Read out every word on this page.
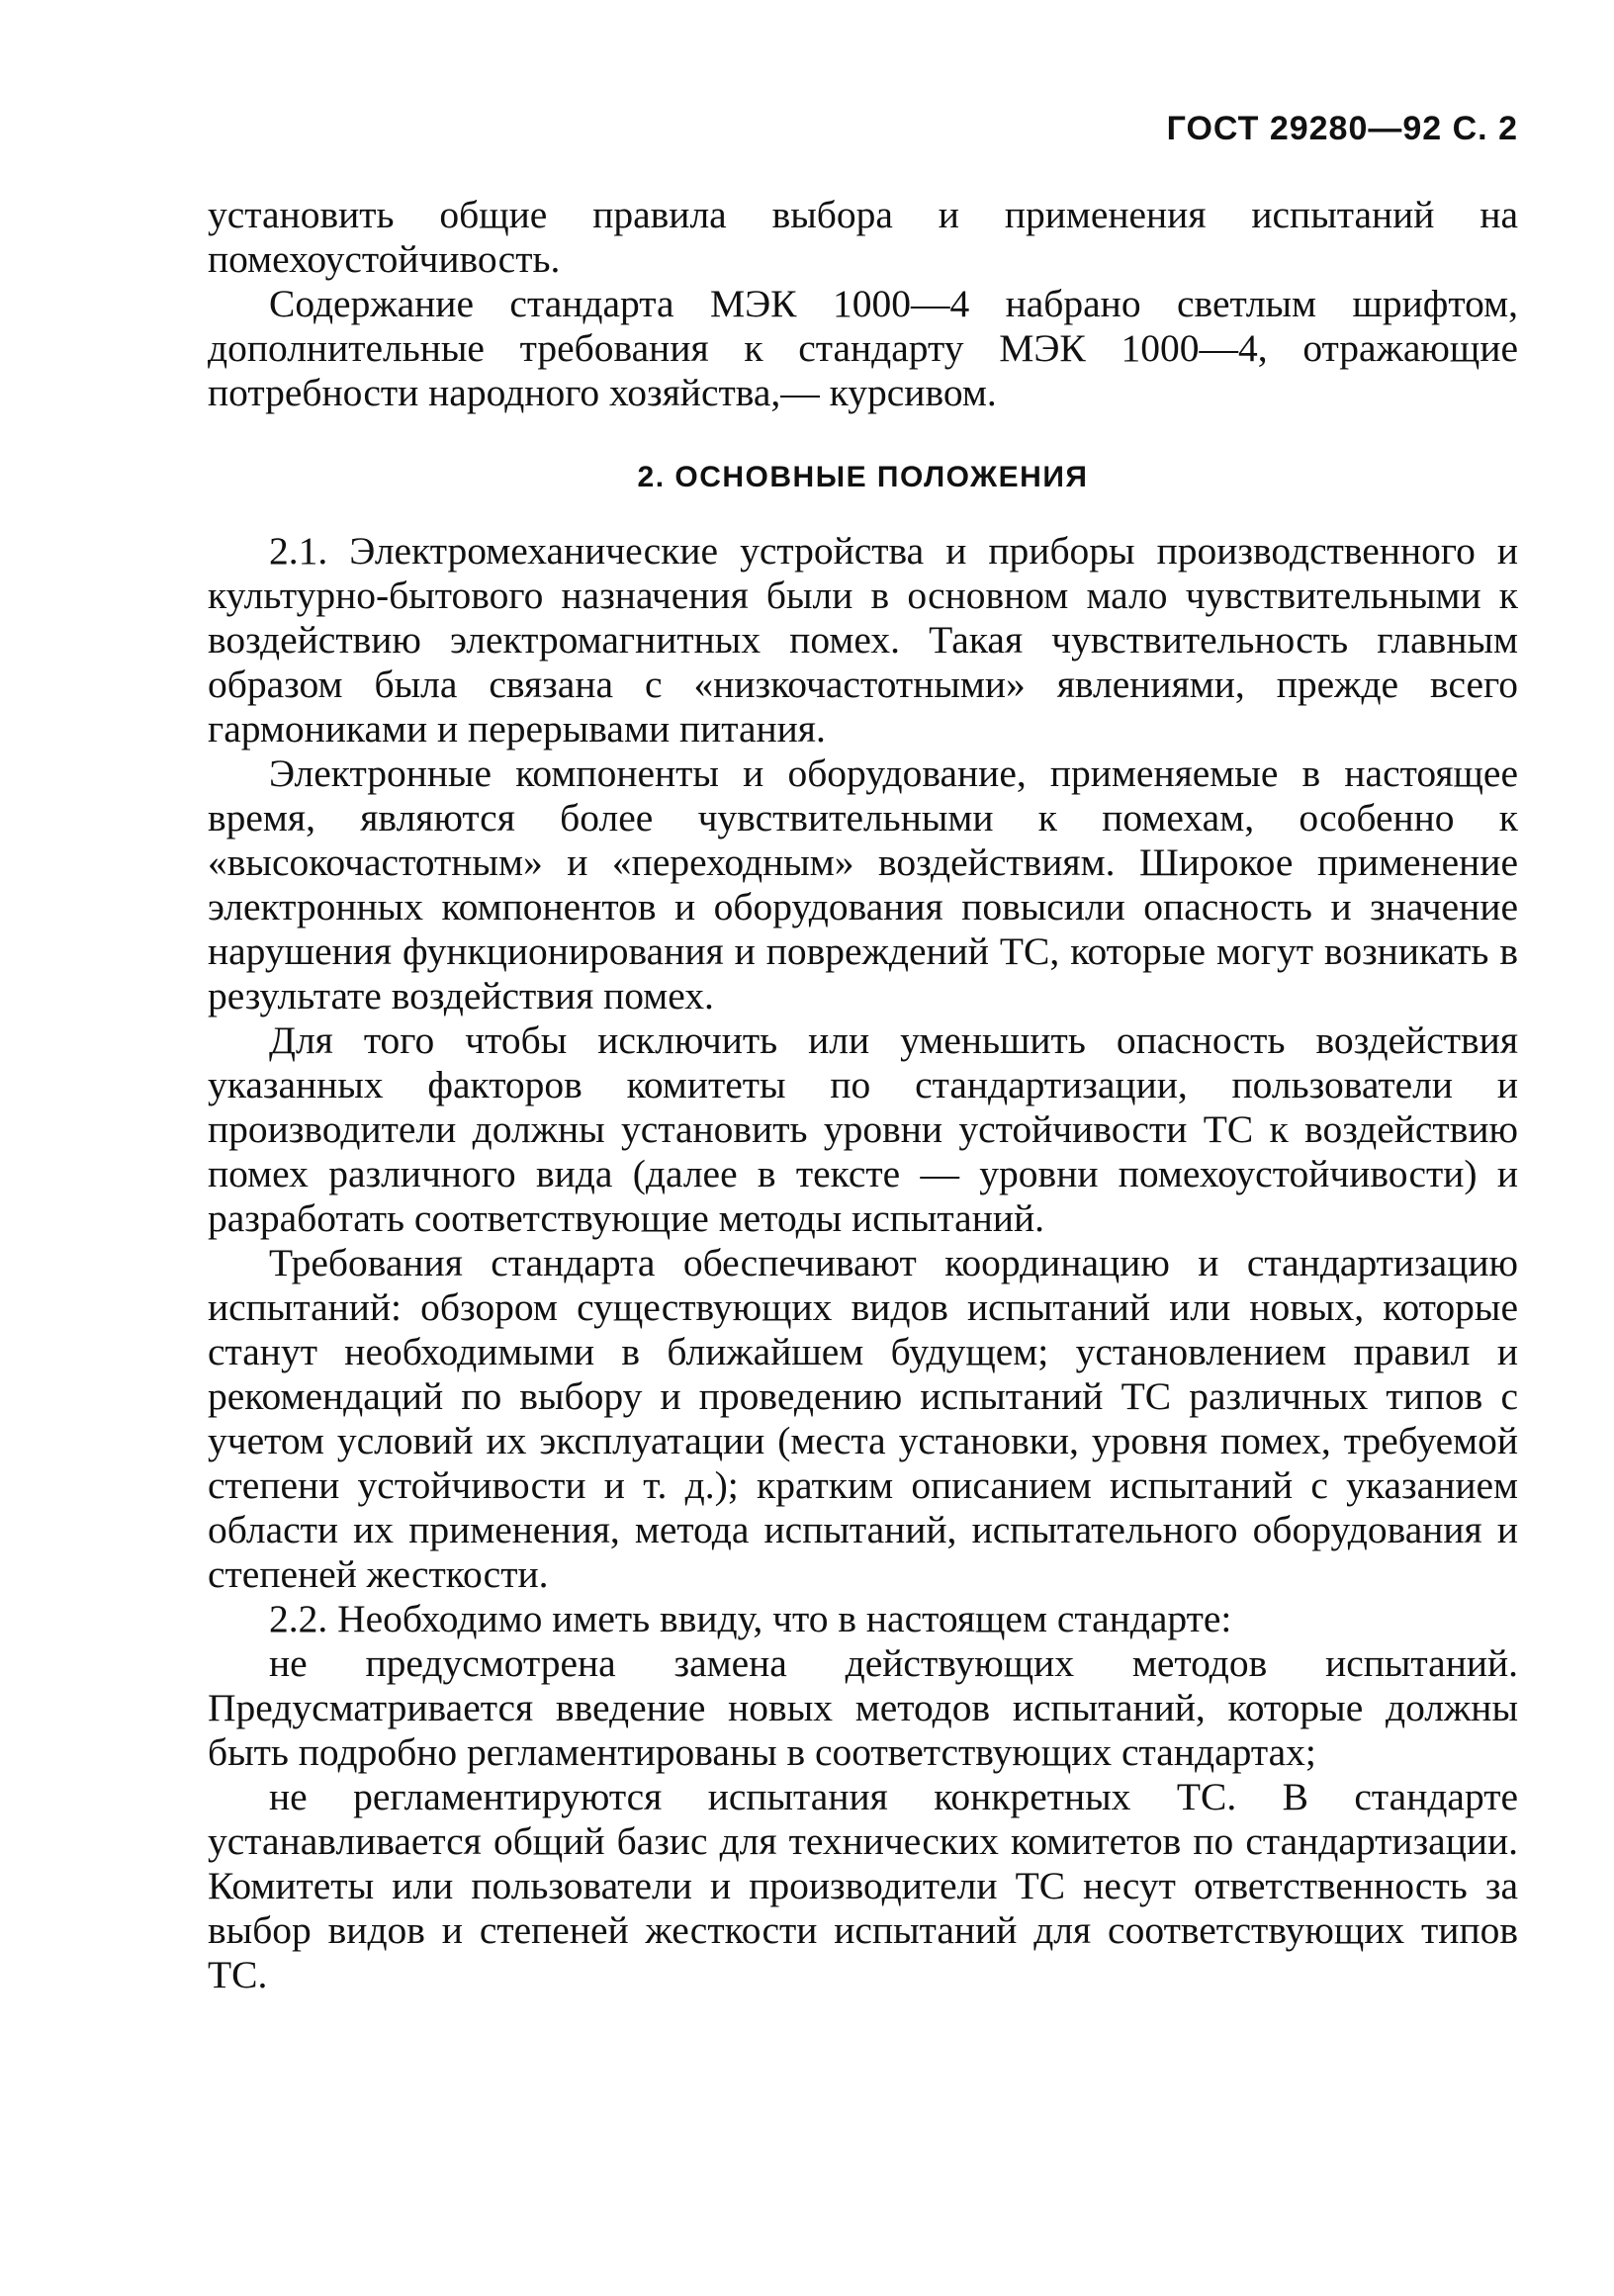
ГОСТ 29280—92 С. 2

установить общие правила выбора и применения испытаний на помехоустойчивость.

Содержание стандарта МЭК 1000—4 набрано светлым шрифтом, дополнительные требования к стандарту МЭК 1000—4, отражающие потребности народного хозяйства,— курсивом.

2. ОСНОВНЫЕ ПОЛОЖЕНИЯ

2.1. Электромеханические устройства и приборы производственного и культурно-бытового назначения были в основном мало чувствительными к воздействию электромагнитных помех. Такая чувствительность главным образом была связана с «низкочастотными» явлениями, прежде всего гармониками и перерывами питания.

Электронные компоненты и оборудование, применяемые в настоящее время, являются более чувствительными к помехам, особенно к «высокочастотным» и «переходным» воздействиям. Широкое применение электронных компонентов и оборудования повысили опасность и значение нарушения функционирования и повреждений ТС, которые могут возникать в результате воздействия помех.

Для того чтобы исключить или уменьшить опасность воздействия указанных факторов комитеты по стандартизации, пользователи и производители должны установить уровни устойчивости ТС к воздействию помех различного вида (далее в тексте — уровни помехоустойчивости) и разработать соответствующие методы испытаний.

Требования стандарта обеспечивают координацию и стандартизацию испытаний: обзором существующих видов испытаний или новых, которые станут необходимыми в ближайшем будущем; установлением правил и рекомендаций по выбору и проведению испытаний ТС различных типов с учетом условий их эксплуатации (места установки, уровня помех, требуемой степени устойчивости и т. д.); кратким описанием испытаний с указанием области их применения, метода испытаний, испытательного оборудования и степеней жесткости.

2.2. Необходимо иметь ввиду, что в настоящем стандарте:

не предусмотрена замена действующих методов испытаний. Предусматривается введение новых методов испытаний, которые должны быть подробно регламентированы в соответствующих стандартах;

не регламентируются испытания конкретных ТС. В стандарте устанавливается общий базис для технических комитетов по стандартизации. Комитеты или пользователи и производители ТС несут ответственность за выбор видов и степеней жесткости испытаний для соответствующих типов ТС.
